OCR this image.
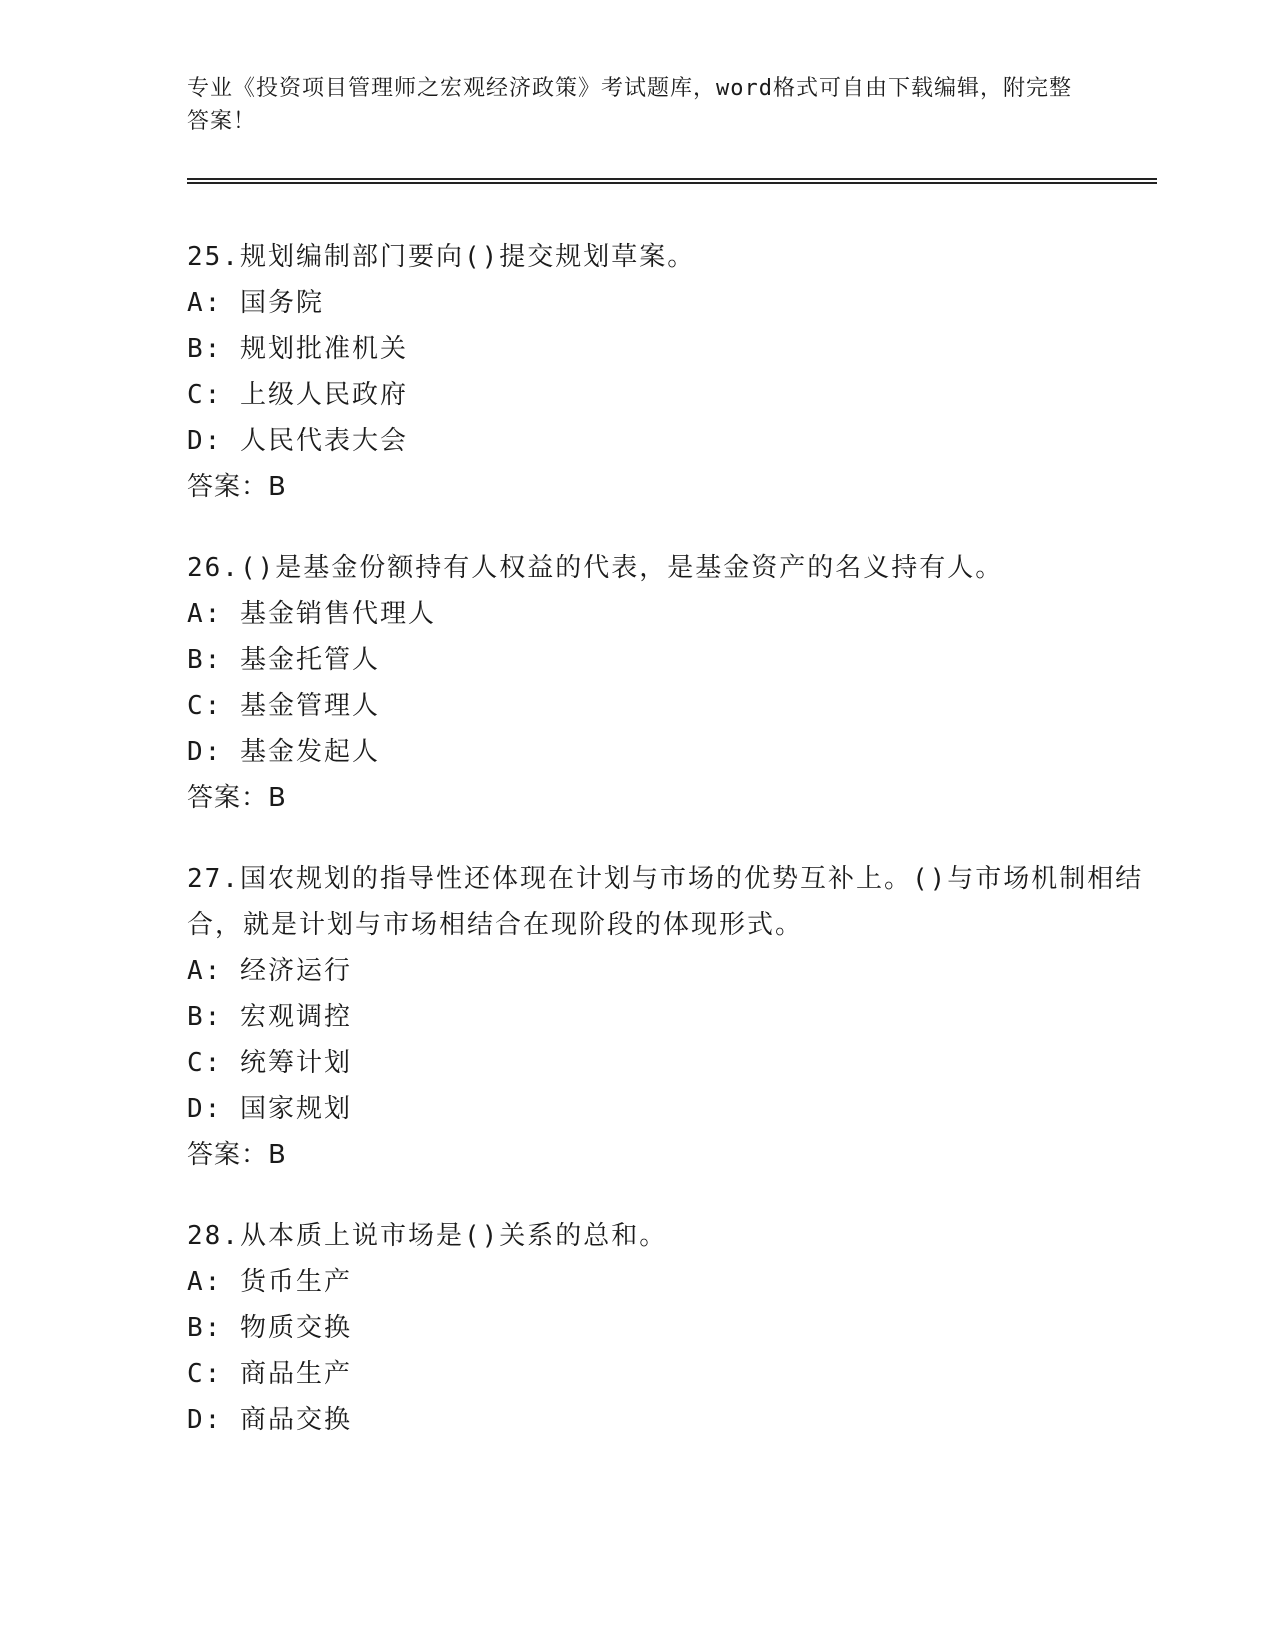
专业《投资项目管理师之宏观经济政策》考试题库，word格式可自由下载编辑，附完整答案！
25.规划编制部门要向()提交规划草案。
A: 国务院
B: 规划批准机关
C: 上级人民政府
D: 人民代表大会
答案：B
26.()是基金份额持有人权益的代表，是基金资产的名义持有人。
A: 基金销售代理人
B: 基金托管人
C: 基金管理人
D: 基金发起人
答案：B
27.国农规划的指导性还体现在计划与市场的优势互补上。()与市场机制相结合，就是计划与市场相结合在现阶段的体现形式。
A: 经济运行
B: 宏观调控
C: 统筹计划
D: 国家规划
答案：B
28.从本质上说市场是()关系的总和。
A: 货币生产
B: 物质交换
C: 商品生产
D: 商品交换
